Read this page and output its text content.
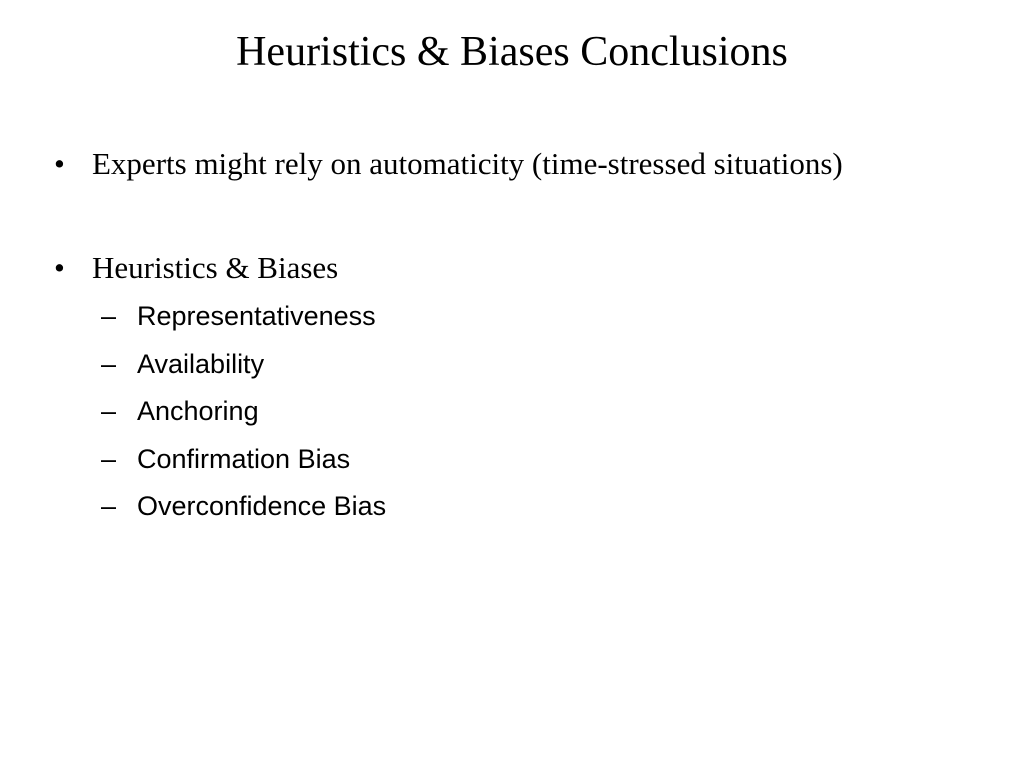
Heuristics & Biases Conclusions
• Experts might rely on automaticity (time-stressed situations)
• Heuristics & Biases
– Representativeness
– Availability
– Anchoring
– Confirmation Bias
– Overconfidence Bias
